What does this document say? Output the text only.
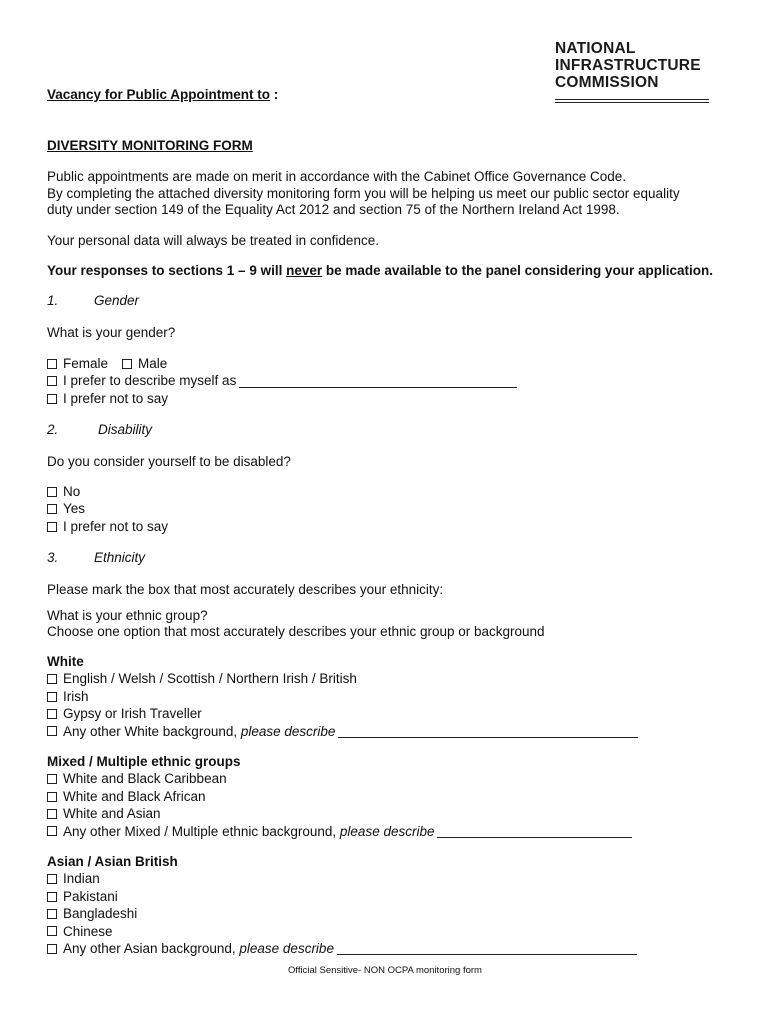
NATIONAL
INFRASTRUCTURE
COMMISSION
Vacancy for Public Appointment to :
DIVERSITY MONITORING FORM
Public appointments are made on merit in accordance with the Cabinet Office Governance Code.
By completing the attached diversity monitoring form you will be helping us meet our public sector equality
duty under section 149 of the Equality Act 2012 and section 75 of the Northern Ireland Act 1998.
Your personal data will always be treated in confidence.
Your responses to sections 1 – 9 will never be made available to the panel considering your application.
1.	Gender
What is your gender?
Female Male
I prefer to describe myself as
I prefer not to say
2.	Disability
Do you consider yourself to be disabled?
No
Yes
I prefer not to say
3.	Ethnicity
Please mark the box that most accurately describes your ethnicity:
What is your ethnic group?
Choose one option that most accurately describes your ethnic group or background
White
English / Welsh / Scottish / Northern Irish / British
Irish
Gypsy or Irish Traveller
Any other White background,
please describe
Mixed / Multiple ethnic groups
White and Black Caribbean
White and Black African
White and Asian
Any other Mixed / Multiple ethnic background,
please describe
Asian / Asian British
Indian
Pakistani
Bangladeshi
Chinese
Any other Asian background,
please describe
Official Sensitive- NON OCPA monitoring form
